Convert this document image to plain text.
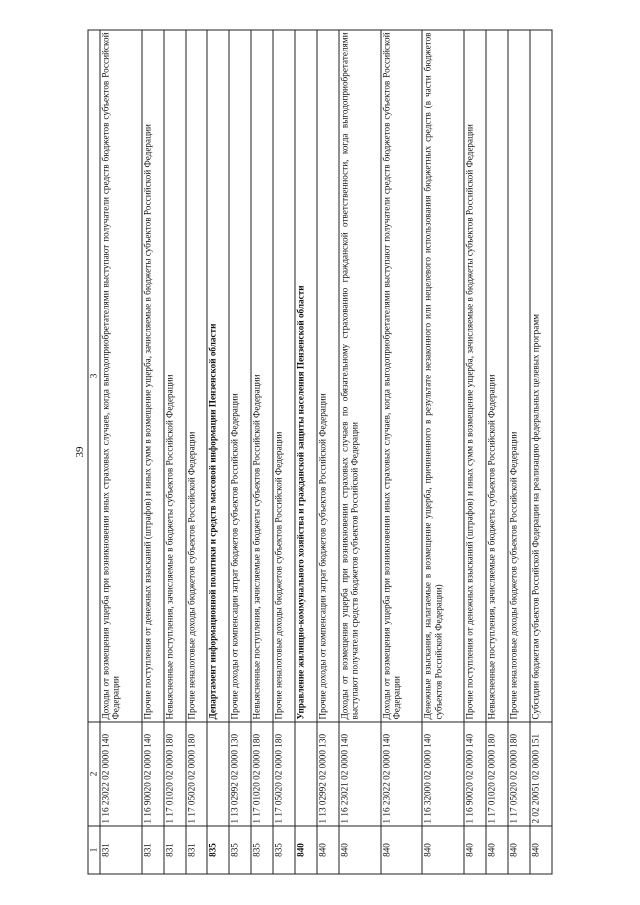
39
1	2	3
831	1 16 23022 02 0000 140	Доходы от возмещения ущерба при возникновении иных страховых случаев, когда выгодоприобретателями выступают получатели средств бюджетов субъектов Российской Федерации
831	1 16 90020 02 0000 140	Прочие поступления от денежных взысканий (штрафов) и иных сумм в возмещение ущерба, зачисляемые в бюджеты субъектов Российской Федерации
831	1 17 01020 02 0000 180	Невыясненные поступления, зачисляемые в бюджеты субъектов Российской Федерации
831	1 17 05020 02 0000 180	Прочие неналоговые доходы бюджетов субъектов Российской Федерации
835		Департамент информационной политики и средств массовой информации Пензенской области
835	1 13 02992 02 0000 130	Прочие доходы от компенсации затрат бюджетов субъектов Российской Федерации
835	1 17 01020 02 0000 180	Невыясненные поступления, зачисляемые в бюджеты субъектов Российской Федерации
835	1 17 05020 02 0000 180	Прочие неналоговые доходы бюджетов субъектов Российской Федерации
840		Управление жилищно-коммунального хозяйства и гражданской защиты населения Пензенской области
840	1 13 02992 02 0000 130	Прочие доходы от компенсации затрат бюджетов субъектов Российской Федерации
840	1 16 23021 02 0000 140	Доходы от возмещения ущерба при возникновении страховых случаев по обязательному страхованию гражданской ответственности, когда выгодоприобретателями выступают получатели средств бюджетов субъектов Российской Федерации
840	1 16 23022 02 0000 140	Доходы от возмещения ущерба при возникновении иных страховых случаев, когда выгодоприобретателями выступают получатели средств бюджетов субъектов Российской Федерации
840	1 16 32000 02 0000 140	Денежные взыскания, налагаемые в возмещение ущерба, причиненного в результате незаконного или нецелевого использования бюджетных средств (в части бюджетов субъектов Российской Федерации)
840	1 16 90020 02 0000 140	Прочие поступления от денежных взысканий (штрафов) и иных сумм в возмещение ущерба, зачисляемые в бюджеты субъектов Российской Федерации
840	1 17 01020 02 0000 180	Невыясненные поступления, зачисляемые в бюджеты субъектов Российской Федерации
840	1 17 05020 02 0000 180	Прочие неналоговые доходы бюджетов субъектов Российской Федерации
840	2 02 20051 02 0000 151	Субсидии бюджетам субъектов Российской Федерации на реализацию федеральных целевых программ
